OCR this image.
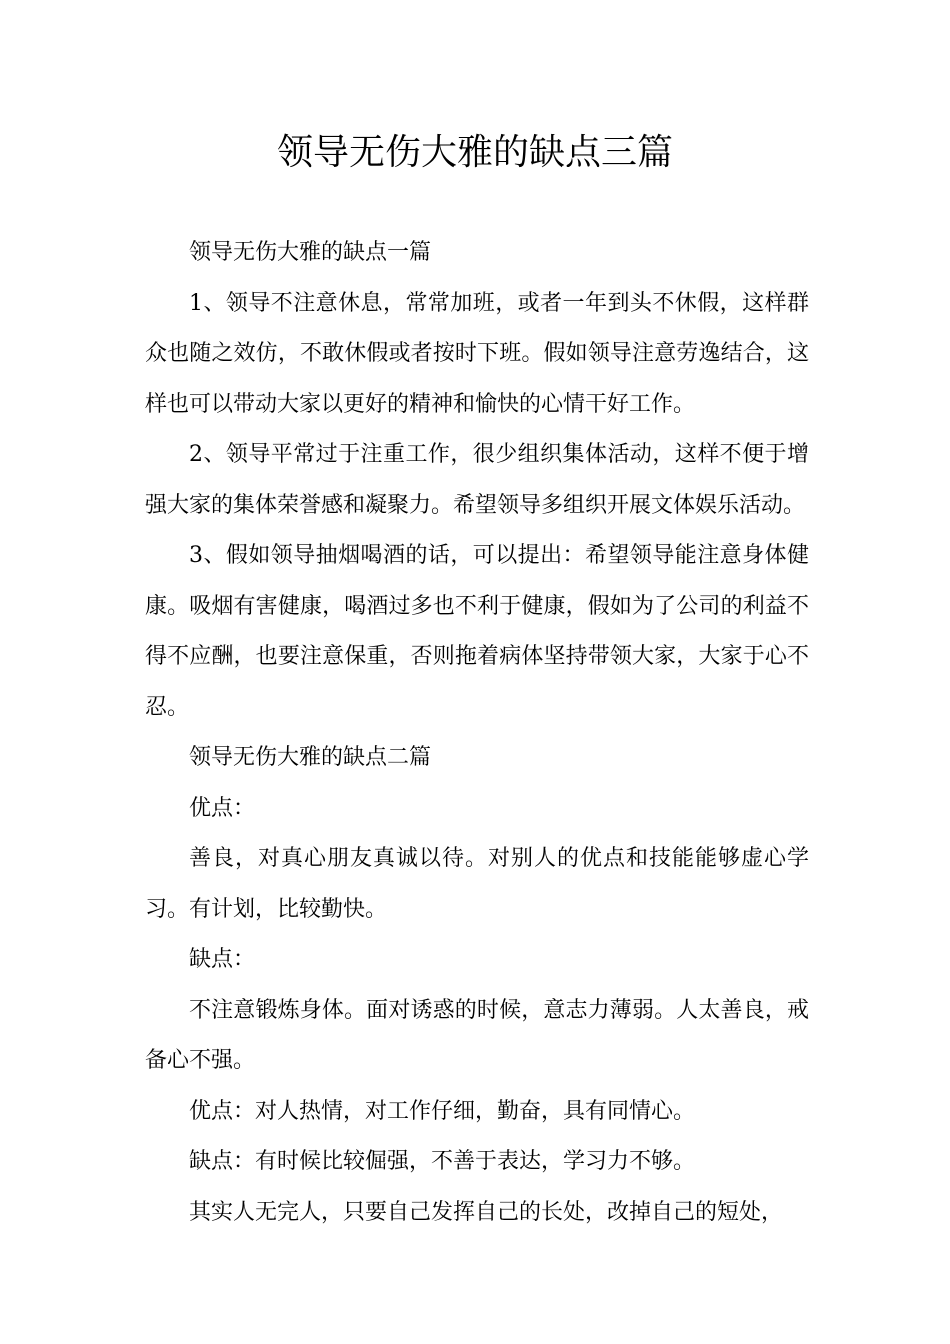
领导无伤大雅的缺点三篇

领导无伤大雅的缺点一篇

1、领导不注意休息，常常加班，或者一年到头不休假，这样群众也随之效仿，不敢休假或者按时下班。假如领导注意劳逸结合，这样也可以带动大家以更好的精神和愉快的心情干好工作。

2、领导平常过于注重工作，很少组织集体活动，这样不便于增强大家的集体荣誉感和凝聚力。希望领导多组织开展文体娱乐活动。

3、假如领导抽烟喝酒的话，可以提出：希望领导能注意身体健康。吸烟有害健康，喝酒过多也不利于健康，假如为了公司的利益不得不应酬，也要注意保重，否则拖着病体坚持带领大家，大家于心不忍。

领导无伤大雅的缺点二篇

优点：

善良，对真心朋友真诚以待。对别人的优点和技能能够虚心学习。有计划，比较勤快。

缺点：

不注意锻炼身体。面对诱惑的时候，意志力薄弱。人太善良，戒备心不强。

优点：对人热情，对工作仔细，勤奋，具有同情心。

缺点：有时候比较倔强，不善于表达，学习力不够。

其实人无完人，只要自己发挥自己的长处，改掉自己的短处，
